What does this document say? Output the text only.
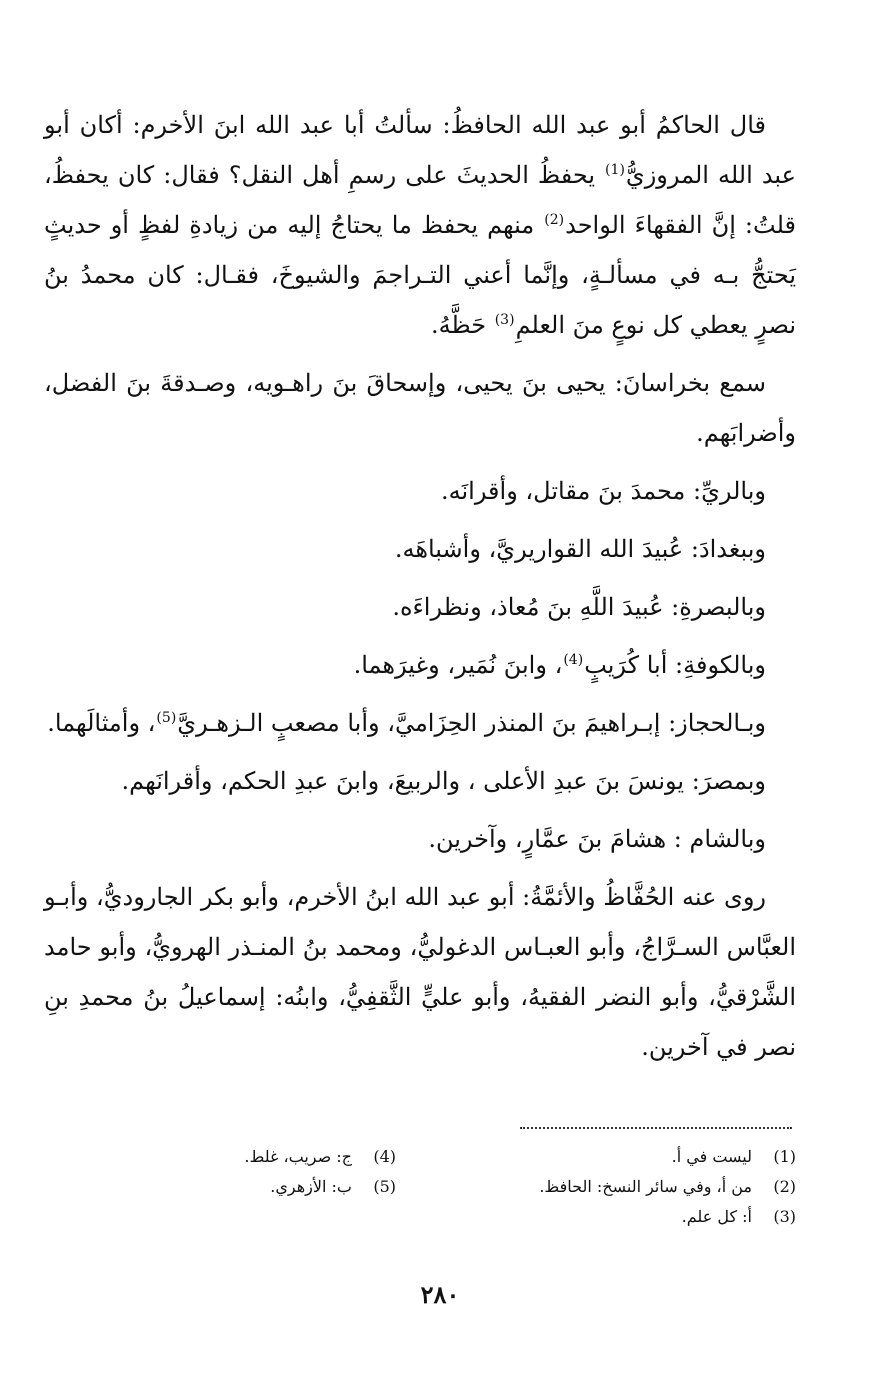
قال الحاكمُ أبو عبد الله الحافظُ: سألتُ أبا عبد الله ابنَ الأخرم: أكان أبو عبد الله المروزيُّ$^{(1)}$ يحفظُ الحديثَ على رسمِ أهل النقل؟ فقال: كان يحفظُ، قلتُ: إنَّ الفقهاءَ الواحد$^{(2)}$ منهم يحفظ ما يحتاجُ إليه من زيادةِ لفظٍ أو حديثٍ يَحتجُّ بـه في مسألـةٍ، وإنَّما أعني التـراجمَ والشيوخَ، فقـال: كان محمدُ بنُ نصرٍ يعطي كل نوعٍ منَ العلمِ$^{(3)}$ حَظَّهُ.
سمع بخراسانَ: يحيى بنَ يحيى، وإسحاقَ بنَ راهـويه، وصـدقةَ بنَ الفضل، وأضرابَهم.
وبالريِّ: محمدَ بنَ مقاتل، وأقرانَه.
وببغدادَ: عُبيدَ الله القواريريَّ، وأشباهَه.
وبالبصرةِ: عُبيدَ اللَّهِ بنَ مُعاذ، ونظراءَه.
وبالكوفةِ: أبا كُرَيبٍ$^{(4)}$، وابنَ نُمَير، وغيرَهما.
وبـالحجاز: إبـراهيمَ بنَ المنذر الحِزَاميَّ، وأبا مصعبٍ الـزهـريَّ$^{(5)}$، وأمثالَهما.
وبمصرَ: يونسَ بنَ عبدِ الأعلى ، والربيعَ، وابنَ عبدِ الحكم، وأقرانَهم.
وبالشام : هشامَ بنَ عمَّارٍ، وآخرين.
روى عنه الحُفَّاظُ والأئمَّةُ: أبو عبد الله ابنُ الأخرم، وأبو بكر الجاروديُّ، وأبـو العبَّاس السـرَّاجُ، وأبو العبـاس الدغوليُّ، ومحمد بنُ المنـذر الهرويُّ، وأبو حامد الشَّرْقيُّ، وأبو النضر الفقيهُ، وأبو عليٍّ الثَّقفِيُّ، وابنُه: إسماعيلُ بنُ محمدِ بنِ نصر في آخرين.
(1)ليست في أ.
(2)من أ، وفي سائر النسخ: الحافظ.
(3)أ: كل علم.
(4)ج: صريب، غلط.
(5)ب: الأزهري.
٢٨٠
